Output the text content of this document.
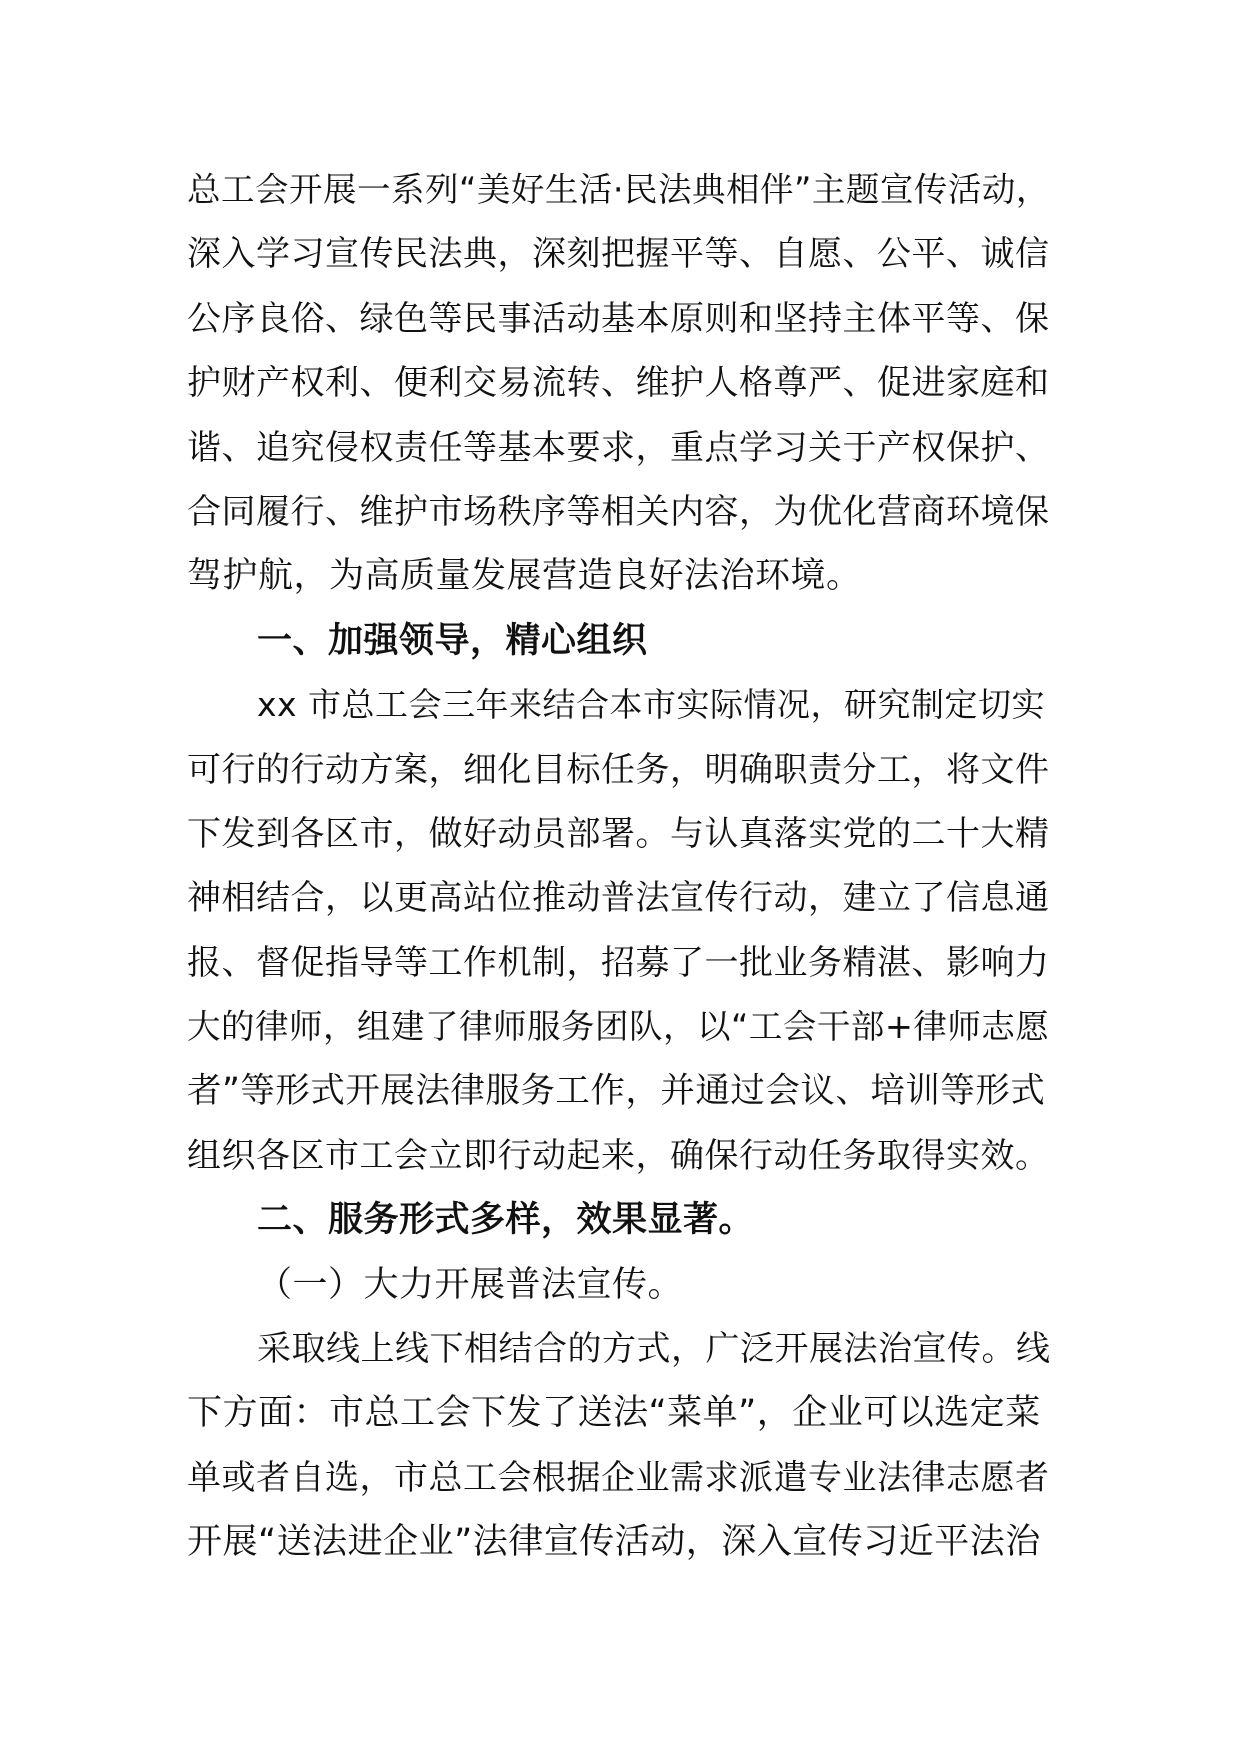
总工会开展一系列“美好生活·民法典相伴”主题宣传活动，
深入学习宣传民法典，深刻把握平等、自愿、公平、诚信
公序良俗、绿色等民事活动基本原则和坚持主体平等、保
护财产权利、便利交易流转、维护人格尊严、促进家庭和
谐、追究侵权责任等基本要求，重点学习关于产权保护、
合同履行、维护市场秩序等相关内容，为优化营商环境保
驾护航，为高质量发展营造良好法治环境。
一、加强领导，精心组织
xx 市总工会三年来结合本市实际情况，研究制定切实
可行的行动方案，细化目标任务，明确职责分工，将文件
下发到各区市，做好动员部署。与认真落实党的二十大精
神相结合，以更高站位推动普法宣传行动，建立了信息通
报、督促指导等工作机制，招募了一批业务精湛、影响力
大的律师，组建了律师服务团队，以“工会干部+律师志愿
者”等形式开展法律服务工作，并通过会议、培训等形式
组织各区市工会立即行动起来，确保行动任务取得实效。
二、服务形式多样，效果显著。
（一）大力开展普法宣传。
采取线上线下相结合的方式，广泛开展法治宣传。线
下方面：市总工会下发了送法“菜单”，企业可以选定菜
单或者自选，市总工会根据企业需求派遣专业法律志愿者
开展“送法进企业”法律宣传活动，深入宣传习近平法治
